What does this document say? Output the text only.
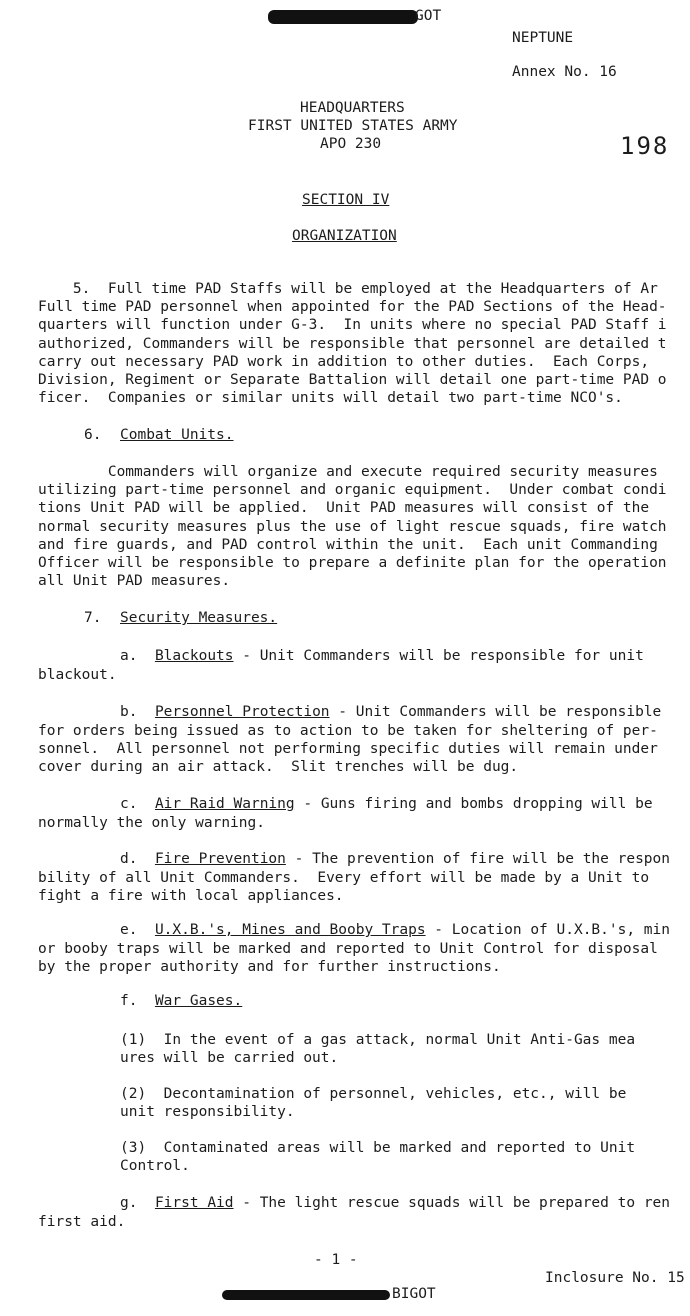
GOT
NEPTUNE
Annex No. 16
HEADQUARTERS
FIRST UNITED STATES ARMY
APO 230	198
SECTION IV
ORGANIZATION
5.  Full time PAD Staffs will be employed at the Headquarters of Ar
Full time PAD personnel when appointed for the PAD Sections of the Head-
quarters will function under G-3.  In units where no special PAD Staff i
authorized, Commanders will be responsible that personnel are detailed t
carry out necessary PAD work in addition to other duties.  Each Corps,
Division, Regiment or Separate Battalion will detail one part-time PAD o
ficer.  Companies or similar units will detail two part-time NCO's.
6. Combat Units.
Commanders will organize and execute required security measures
utilizing part-time personnel and organic equipment.  Under combat condi
tions Unit PAD will be applied.  Unit PAD measures will consist of the
normal security measures plus the use of light rescue squads, fire watch
and fire guards, and PAD control within the unit.  Each unit Commanding
Officer will be responsible to prepare a definite plan for the operation
all Unit PAD measures.
7. Security Measures.
a. Blackouts - Unit Commanders will be responsible for unit
blackout.
b. Personnel Protection - Unit Commanders will be responsible
for orders being issued as to action to be taken for sheltering of per-
sonnel.  All personnel not performing specific duties will remain under
cover during an air attack.  Slit trenches will be dug.
c. Air Raid Warning - Guns firing and bombs dropping will be
normally the only warning.
d. Fire Prevention - The prevention of fire will be the respon
bility of all Unit Commanders.  Every effort will be made by a Unit to
fight a fire with local appliances.
e. U.X.B.'s, Mines and Booby Traps - Location of U.X.B.'s, min
or booby traps will be marked and reported to Unit Control for disposal
by the proper authority and for further instructions.
f. War Gases.
(1)  In the event of a gas attack, normal Unit Anti-Gas mea
ures will be carried out.
(2)  Decontamination of personnel, vehicles, etc., will be
unit responsibility.
(3)  Contaminated areas will be marked and reported to Unit
Control.
g. First Aid - The light rescue squads will be prepared to ren
first aid.
- 1 -
Inclosure No. 15
BIGOT
